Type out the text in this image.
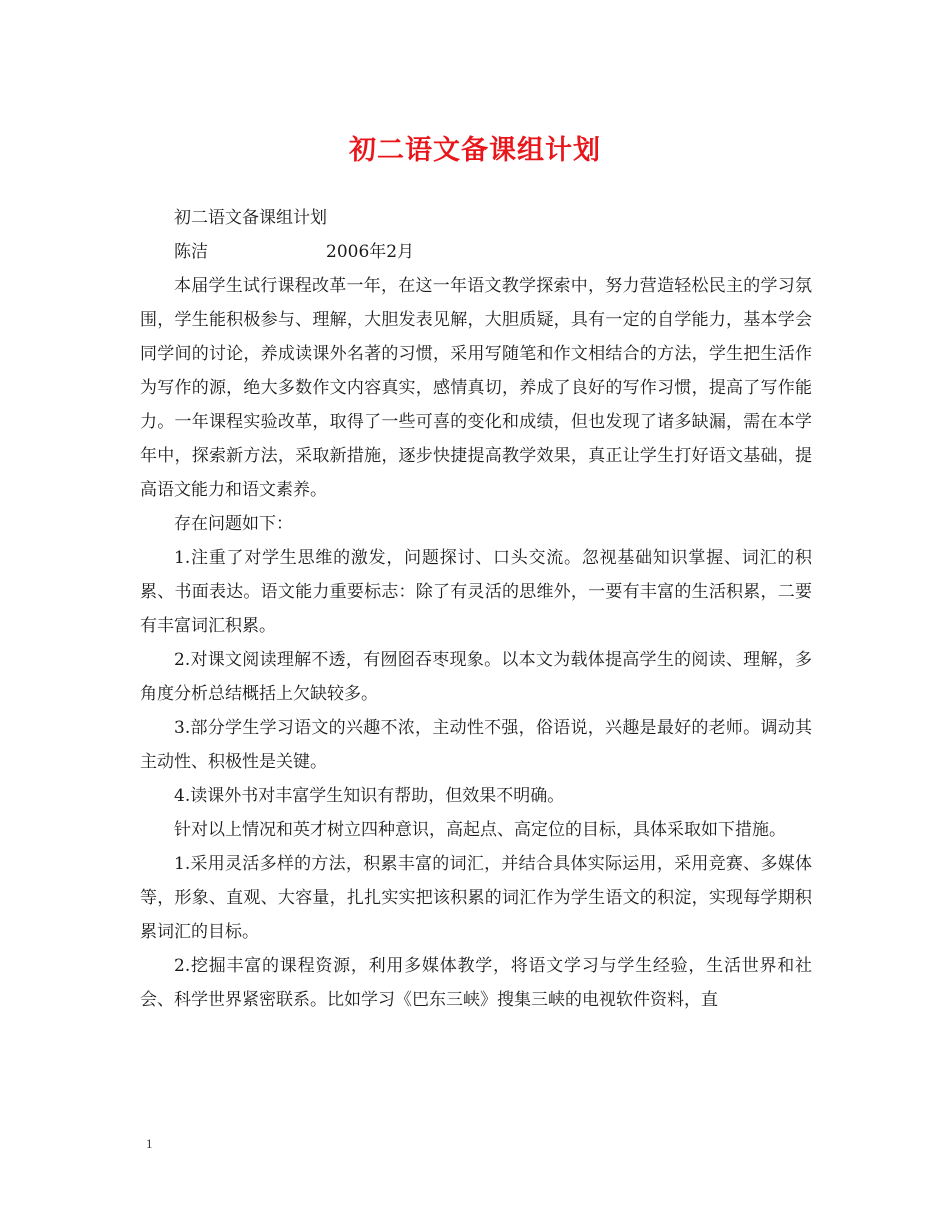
初二语文备课组计划
初二语文备课组计划
陈洁	2006年2月

本届学生试行课程改革一年，在这一年语文教学探索中，努力营造轻松民主的学习氛围，学生能积极参与、理解，大胆发表见解，大胆质疑，具有一定的自学能力，基本学会同学间的讨论，养成读课外名著的习惯，采用写随笔和作文相结合的方法，学生把生活作为写作的源，绝大多数作文内容真实，感情真切，养成了良好的写作习惯，提高了写作能力。一年课程实验改革，取得了一些可喜的变化和成绩，但也发现了诸多缺漏，需在本学年中，探索新方法，采取新措施，逐步快捷提高教学效果，真正让学生打好语文基础，提高语文能力和语文素养。

存在问题如下：

1.注重了对学生思维的激发，问题探讨、口头交流。忽视基础知识掌握、词汇的积累、书面表达。语文能力重要标志：除了有灵活的思维外，一要有丰富的生活积累，二要有丰富词汇积累。

2.对课文阅读理解不透，有囫囵吞枣现象。以本文为载体提高学生的阅读、理解，多角度分析总结概括上欠缺较多。

3.部分学生学习语文的兴趣不浓，主动性不强，俗语说，兴趣是最好的老师。调动其主动性、积极性是关键。

4.读课外书对丰富学生知识有帮助，但效果不明确。

针对以上情况和英才树立四种意识，高起点、高定位的目标，具体采取如下措施。

1.采用灵活多样的方法，积累丰富的词汇，并结合具体实际运用，采用竞赛、多媒体等，形象、直观、大容量，扎扎实实把该积累的词汇作为学生语文的积淀，实现每学期积累词汇的目标。

2.挖掘丰富的课程资源，利用多媒体教学，将语文学习与学生经验，生活世界和社会、科学世界紧密联系。比如学习《巴东三峡》搜集三峡的电视软件资料，直

1
